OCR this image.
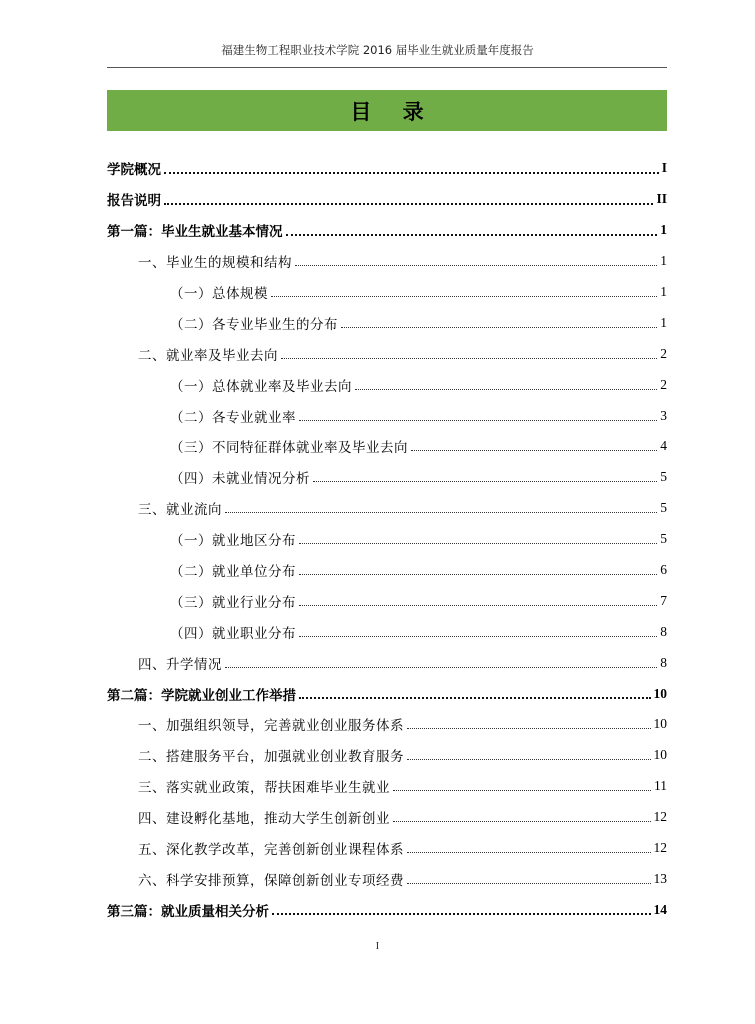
福建生物工程职业技术学院 2016 届毕业生就业质量年度报告
目 录
学院概况	I
报告说明	II
第一篇：毕业生就业基本情况	1
一、毕业生的规模和结构	1
（一）总体规模	1
（二）各专业毕业生的分布	1
二、就业率及毕业去向	2
（一）总体就业率及毕业去向	2
（二）各专业就业率	3
（三）不同特征群体就业率及毕业去向	4
（四）未就业情况分析	5
三、就业流向	5
（一）就业地区分布	5
（二）就业单位分布	6
（三）就业行业分布	7
（四）就业职业分布	8
四、升学情况	8
第二篇：学院就业创业工作举措	10
一、加强组织领导，完善就业创业服务体系	10
二、搭建服务平台，加强就业创业教育服务	10
三、落实就业政策，帮扶困难毕业生就业	11
四、建设孵化基地，推动大学生创新创业	12
五、深化教学改革，完善创新创业课程体系	12
六、科学安排预算，保障创新创业专项经费	13
第三篇：就业质量相关分析	14
I
